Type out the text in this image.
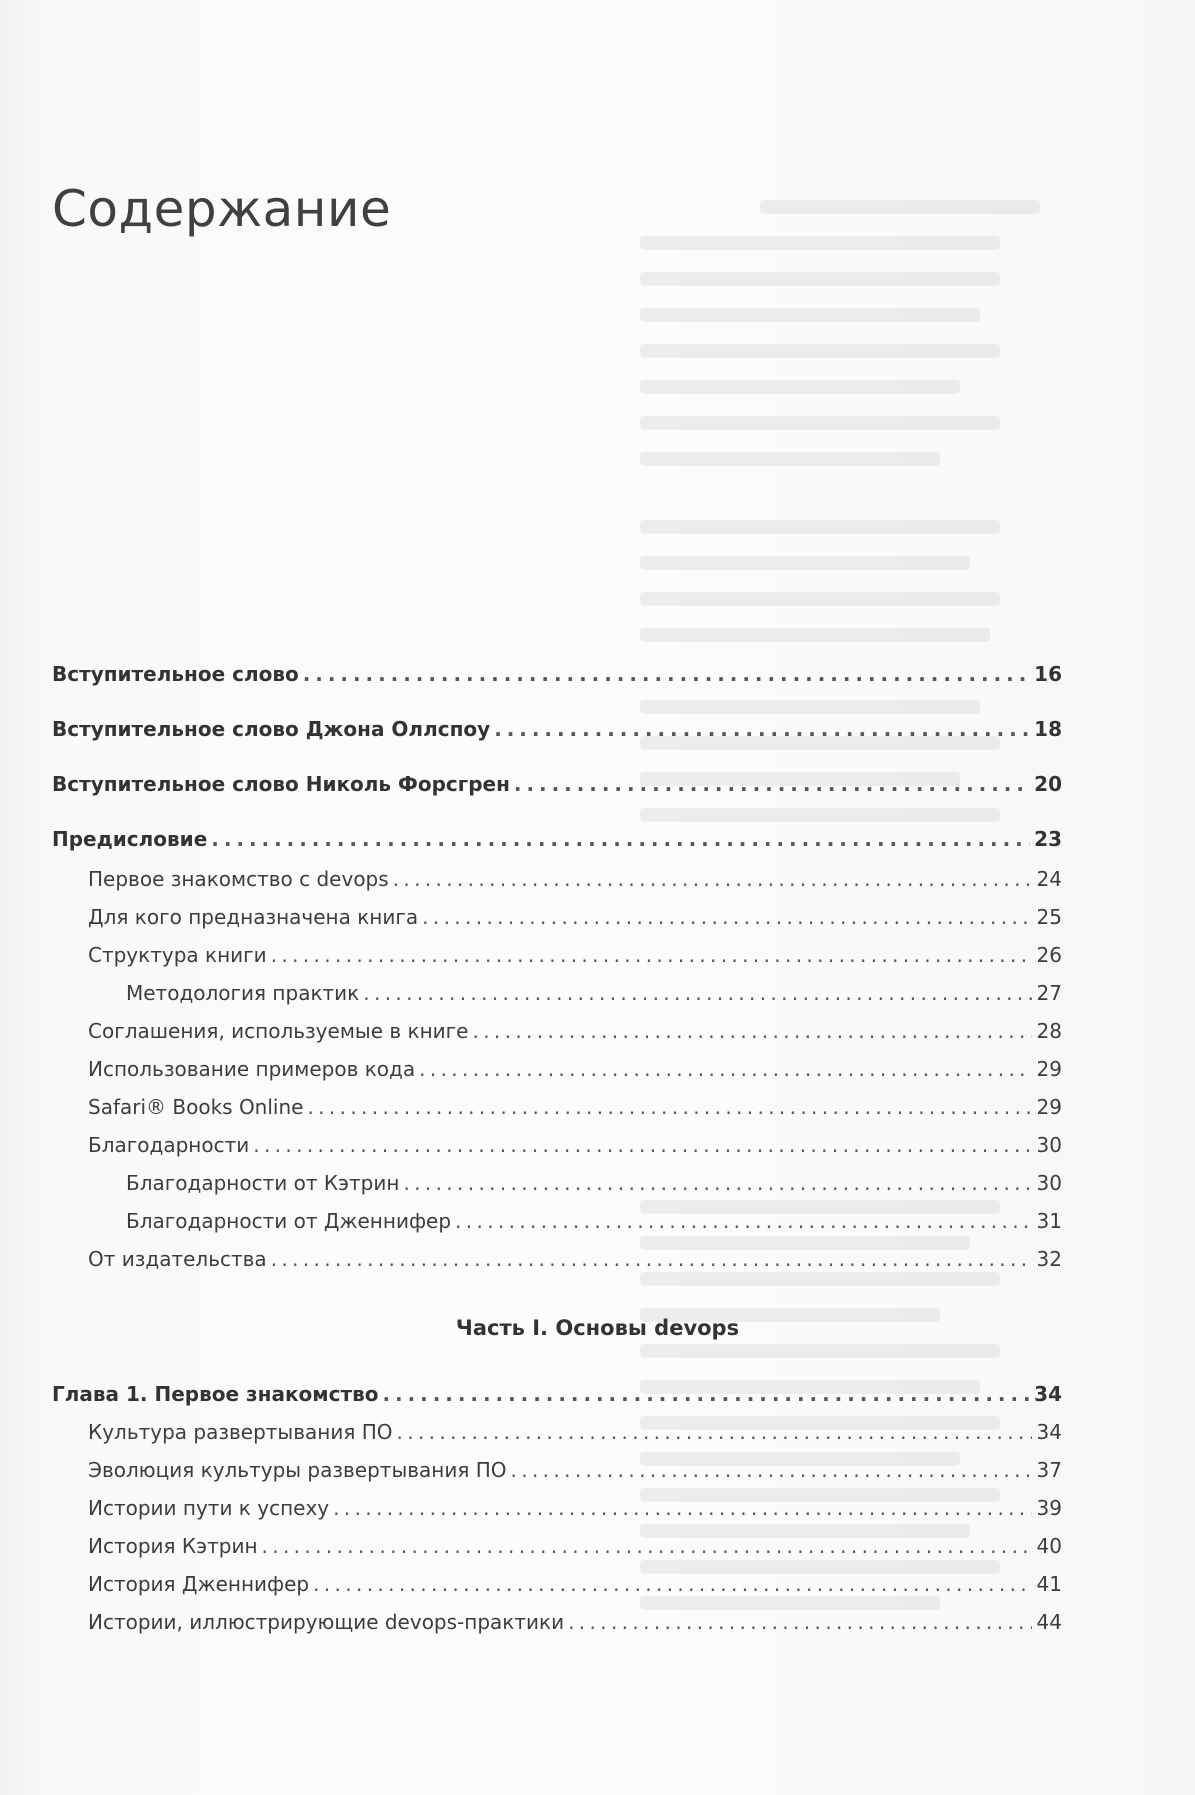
Содержание
Вступительное слово . . .	16
Вступительное слово Джона Оллспоу . . .	18
Вступительное слово Николь Форсгрен . . .	20
Предисловие . . .	23
Первое знакомство с devops . . .	24
Для кого предназначена книга . . .	25
Структура книги . . .	26
Методология практик . . .	27
Соглашения, используемые в книге . . .	28
Использование примеров кода . . .	29
Safari® Books Online . . .	29
Благодарности . . .	30
Благодарности от Кэтрин . . .	30
Благодарности от Дженнифер . . .	31
От издательства . . .	32
Часть I. Основы devops
Глава 1. Первое знакомство . . .	34
Культура развертывания ПО . . .	34
Эволюция культуры развертывания ПО . . .	37
Истории пути к успеху . . .	39
История Кэтрин . . .	40
История Дженнифер . . .	41
Истории, иллюстрирующие devops-практики . . .	44
